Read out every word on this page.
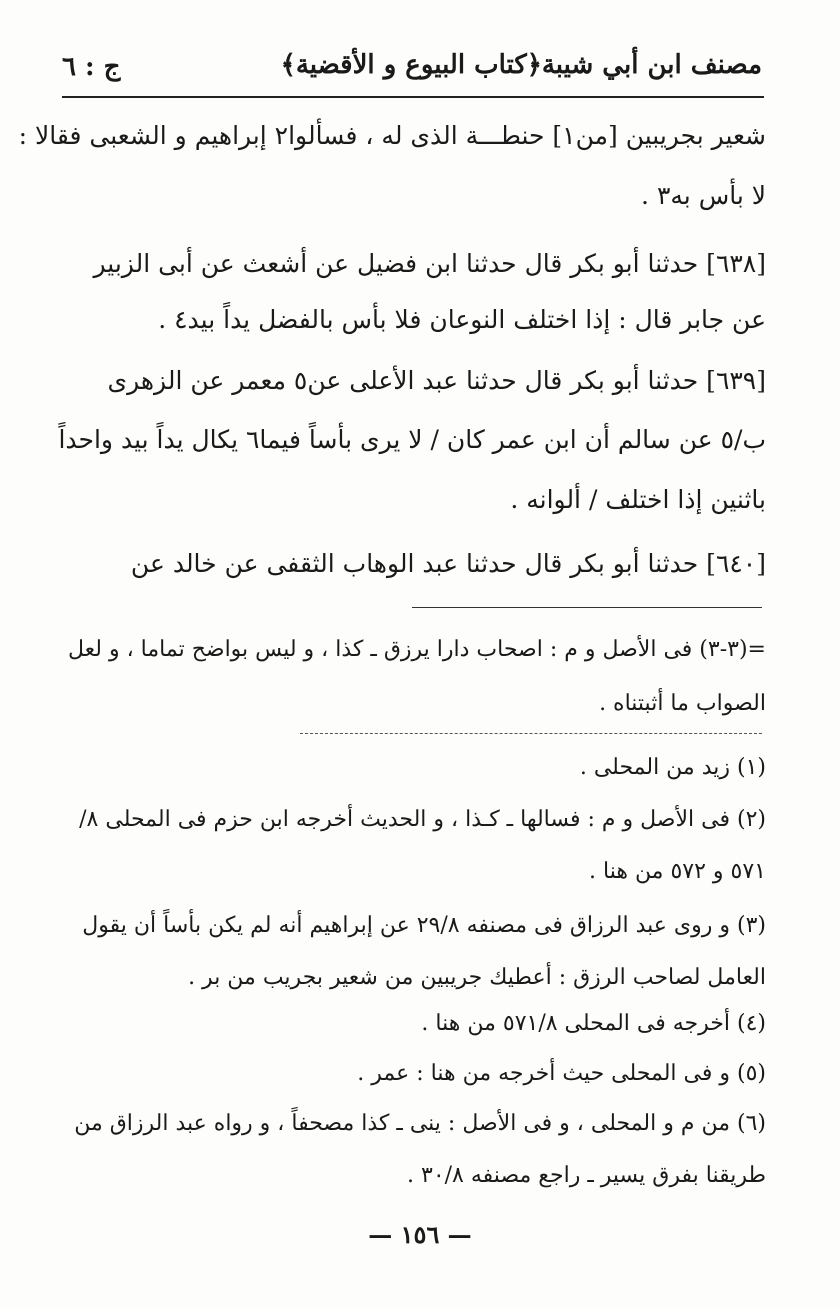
مصنف ابن أبي شيبة
﴿كتاب البيوع و الأقضية﴾
ج : ٦
شعير بجريبين [من١] حنطـــة الذى له ، فسألوا٢ إبراهيم و الشعبى فقالا :
لا بأس به٣ .
[٦٣٨] حدثنا أبو بكر قال حدثنا ابن فضيل عن أشعث عن أبى الزبير
عن جابر قال : إذا اختلف النوعان فلا بأس بالفضل يداً بيد٤ .
[٦٣٩] حدثنا أبو بكر قال حدثنا عبد الأعلى عن٥ معمر عن الزهرى
ب/٥ عن سالم أن ابن عمر كان / لا يرى بأساً فيما٦ يكال يداً بيد واحداً
باثنين إذا اختلف / ألوانه .
[٦٤٠] حدثنا أبو بكر قال حدثنا عبد الوهاب الثقفى عن خالد عن
=(٣-٣) فى الأصل و م : اصحاب دارا يرزق ـ كذا ، و ليس بواضح تماما ، و لعل
الصواب ما أثبتناه .
(١) زيد من المحلى .
(٢) فى الأصل و م : فسالها ـ كـذا ، و الحديث أخرجه ابن حزم فى المحلى ٨/
٥٧١ و ٥٧٢ من هنا .
(٣) و روى عبد الرزاق فى مصنفه ٢٩/٨ عن إبراهيم أنه لم يكن بأساً أن يقول
العامل لصاحب الرزق : أعطيك جريبين من شعير بجريب من بر .
(٤) أخرجه فى المحلى ٥٧١/٨ من هنا .
(٥) و فى المحلى حيث أخرجه من هنا : عمر .
(٦) من م و المحلى ، و فى الأصل : ينى ـ كذا مصحفاً ، و رواه عبد الرزاق من
طريقنا بفرق يسير ـ راجع مصنفه ٣٠/٨ .
— ١٥٦ —
